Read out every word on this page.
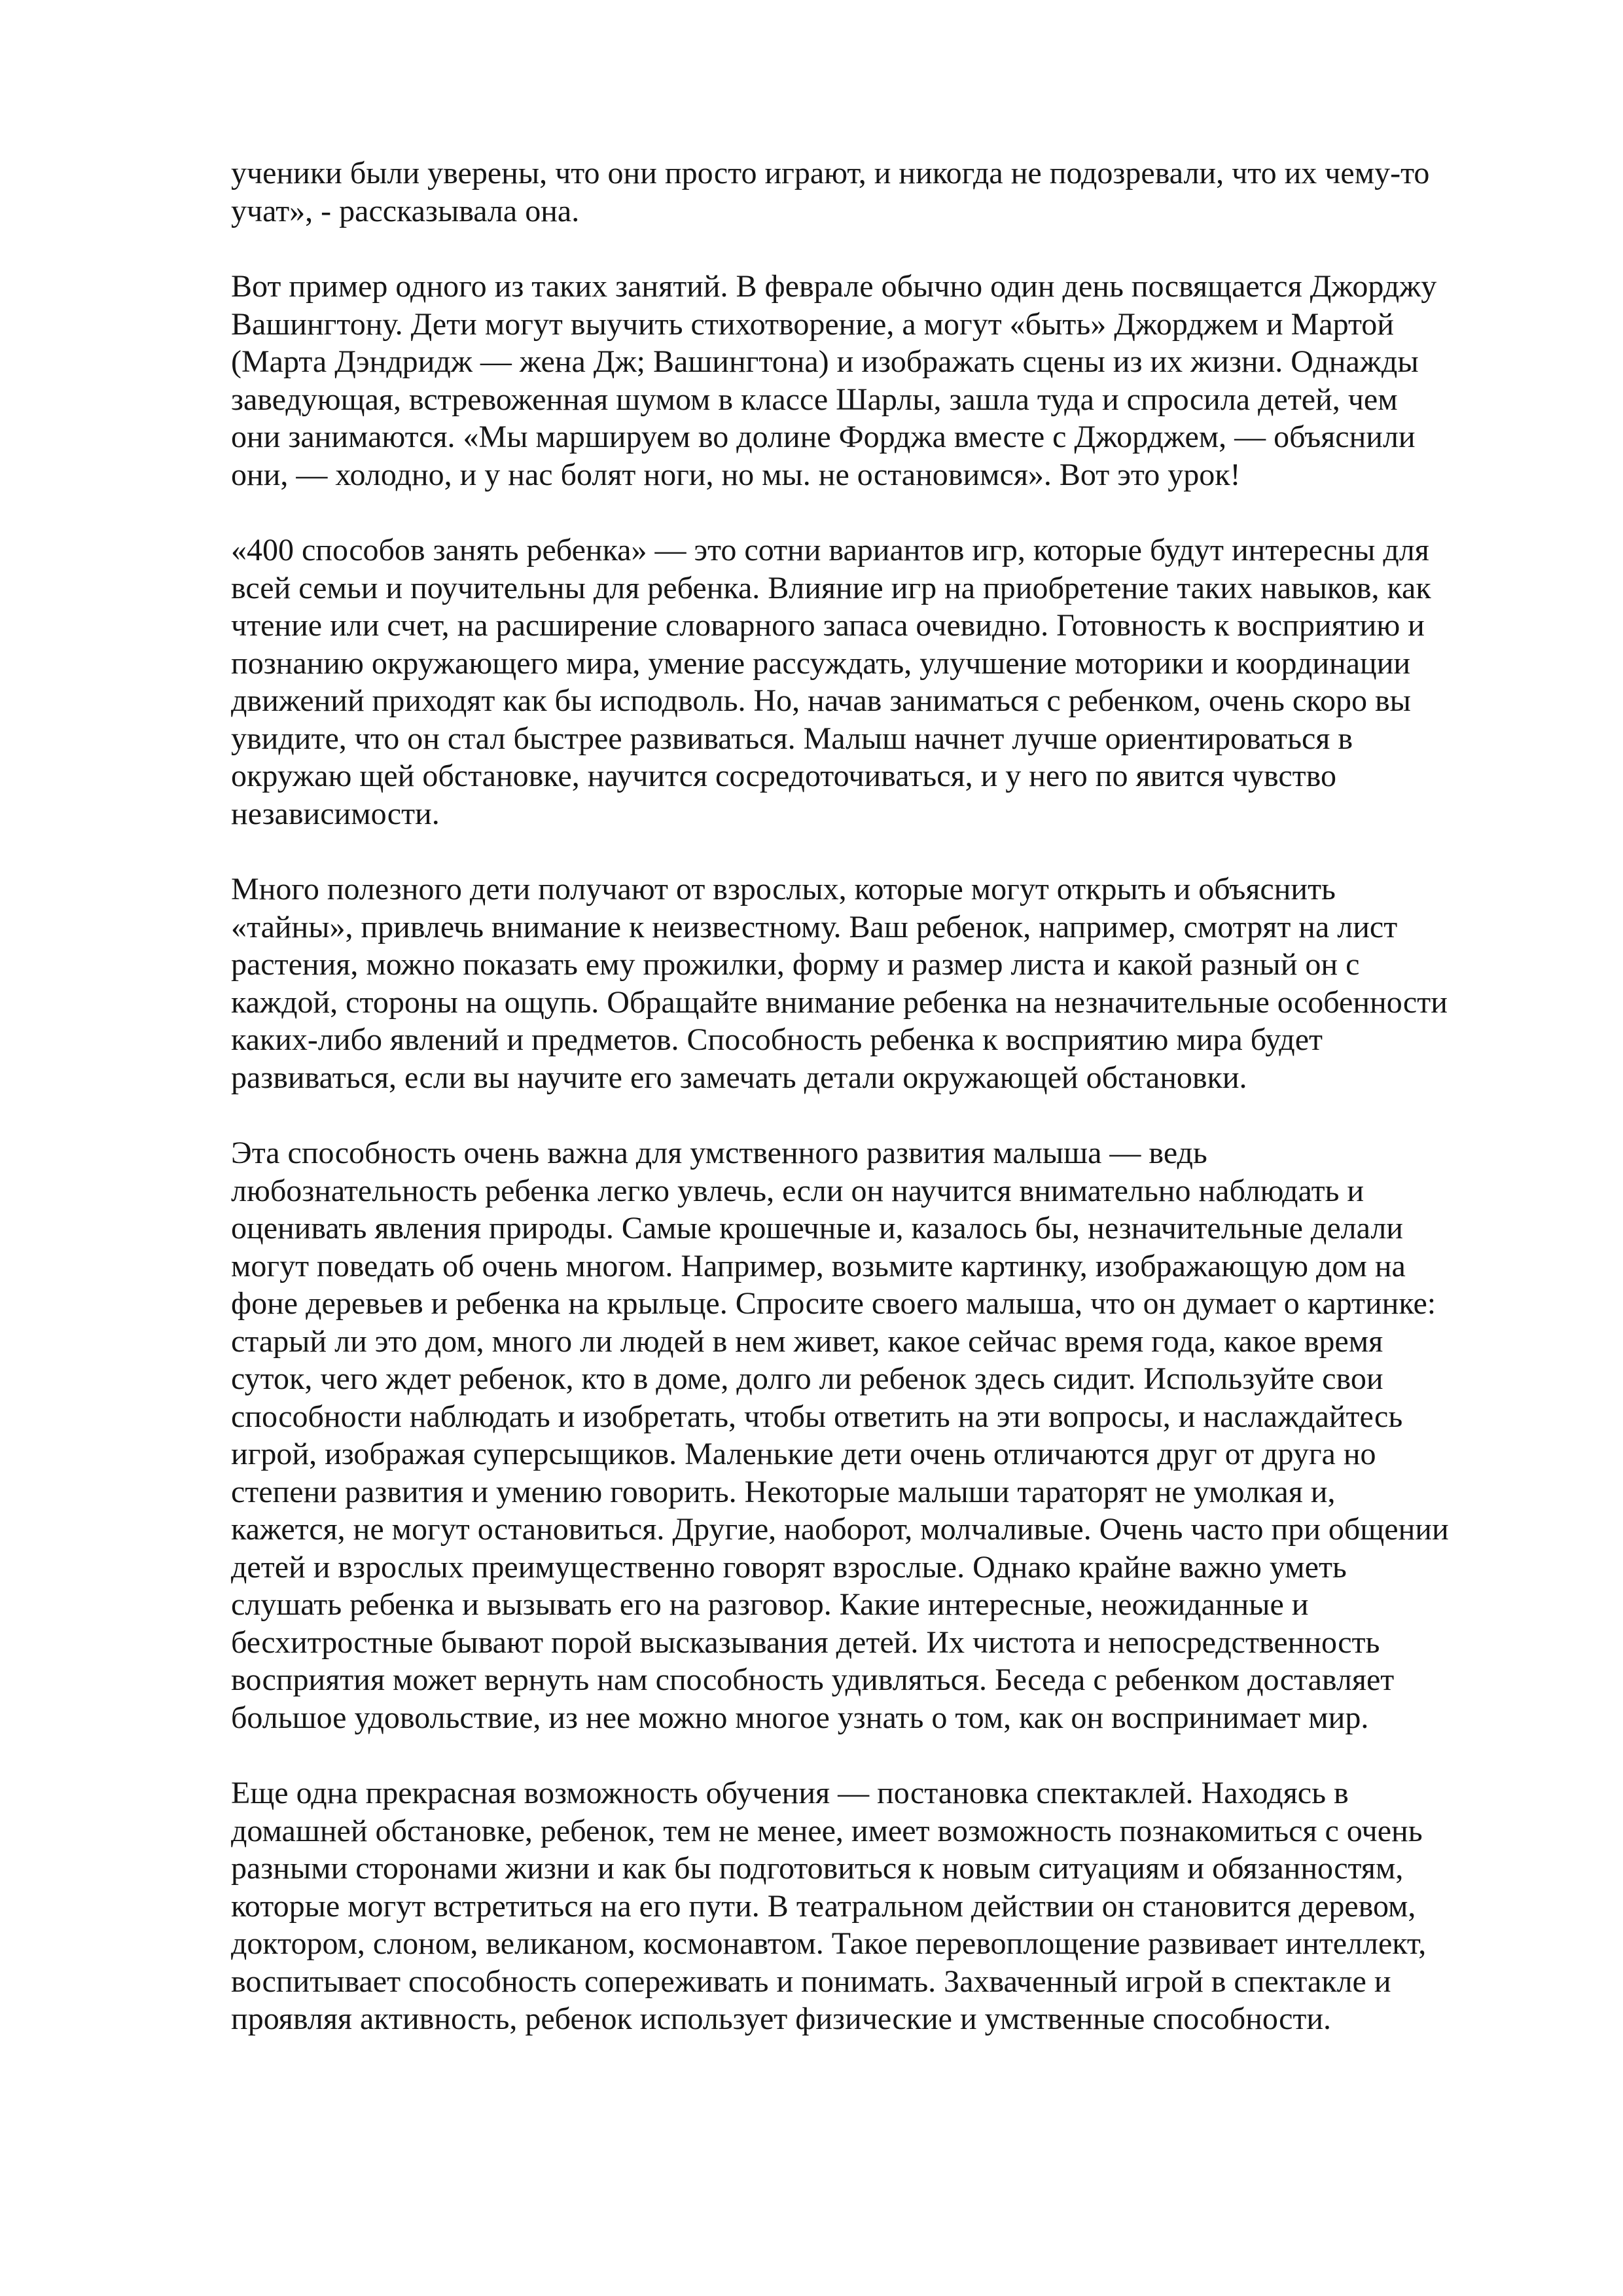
ученики были уверены, что они просто играют, и никогда не подозревали, что их чему-то
учат», - рассказывала она.

Вот пример одного из таких занятий. В феврале обычно один день посвящается Джорджу
Вашингтону. Дети могут выучить стихотворение, а могут «быть» Джорджем и Мартой
(Марта Дэндридж — жена Дж; Вашингтона) и изображать сцены из их жизни. Однажды
заведующая, встревоженная шумом в классе Шарлы, зашла туда и спросила детей, чем
они занимаются. «Мы маршируем во долине Форджа вместе с Джорджем, — объяснили
они, — холодно, и у нас болят ноги, но мы. не остановимся». Вот это урок!

«400 способов занять ребенка» — это сотни вариантов игр, которые будут интересны для
всей семьи и поучительны для ребенка. Влияние игр на приобретение таких навыков, как
чтение или счет, на расширение словарного запаса очевидно. Готовность к восприятию и
познанию окружающего мира, умение рассуждать, улучшение моторики и координации
движений приходят как бы исподволь. Но, начав заниматься с ребенком, очень скоро вы
увидите, что он стал быстрее развиваться. Малыш начнет лучше ориентироваться в
окружаю щей обстановке, научится сосредоточиваться, и у него по явится чувство
независимости.

Много полезного дети получают от взрослых, которые могут открыть и объяснить
«тайны», привлечь внимание к неизвестному. Ваш ребенок, например, смотрят на лист
растения, можно показать ему прожилки, форму и размер листа и какой разный он с
каждой, стороны на ощупь. Обращайте внимание ребенка на незначительные особенности
каких-либо явлений и предметов. Способность ребенка к восприятию мира будет
развиваться, если вы научите его замечать детали окружающей обстановки.

Эта способность очень важна для умственного развития малыша — ведь
любознательность ребенка легко увлечь, если он научится внимательно наблюдать и
оценивать явления природы. Самые крошечные и, казалось бы, незначительные делали
могут поведать об очень многом. Например, возьмите картинку, изображающую дом на
фоне деревьев и ребенка на крыльце. Спросите своего малыша, что он думает о картинке:
старый ли это дом, много ли людей в нем живет, какое сейчас время года, какое время
суток, чего ждет ребенок, кто в доме, долго ли ребенок здесь сидит. Используйте свои
способности наблюдать и изобретать, чтобы ответить на эти вопросы, и наслаждайтесь
игрой, изображая суперсыщиков. Маленькие дети очень отличаются друг от друга но
степени развития и умению говорить. Некоторые малыши тараторят не умолкая и,
кажется, не могут остановиться. Другие, наоборот, молчаливые. Очень часто при общении
детей и взрослых преимущественно говорят взрослые. Однако крайне важно уметь
слушать ребенка и вызывать его на разговор. Какие интересные, неожиданные и
бесхитростные бывают порой высказывания детей. Их чистота и непосредственность
восприятия может вернуть нам способность удивляться. Беседа с ребенком доставляет
большое удовольствие, из нее можно многое узнать о том, как он воспринимает мир.

Еще одна прекрасная возможность обучения — постановка спектаклей. Находясь в
домашней обстановке, ребенок, тем не менее, имеет возможность познакомиться с очень
разными сторонами жизни и как бы подготовиться к новым ситуациям и обязанностям,
которые могут встретиться на его пути. В театральном действии он становится деревом,
доктором, слоном, великаном, космонавтом. Такое перевоплощение развивает интеллект,
воспитывает способность сопереживать и понимать. Захваченный игрой в спектакле и
проявляя активность, ребенок использует физические и умственные способности.
